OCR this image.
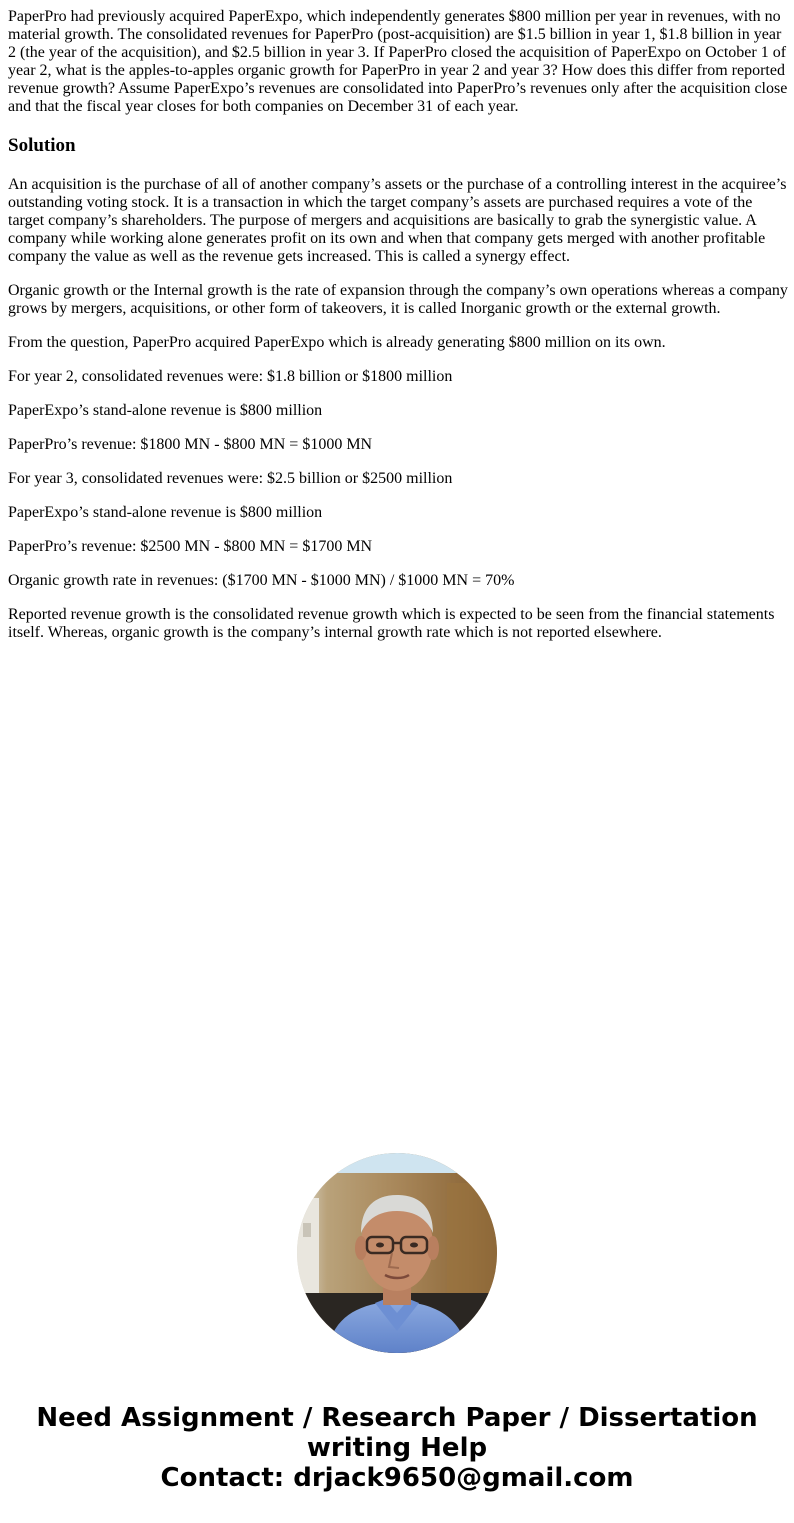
PaperPro had previously acquired PaperExpo, which independently generates $800 million per year in revenues, with no material growth. The consolidated revenues for PaperPro (post-acquisition) are $1.5 billion in year 1, $1.8 billion in year 2 (the year of the acquisition), and $2.5 billion in year 3. If PaperPro closed the acquisition of PaperExpo on October 1 of year 2, what is the apples-to-apples organic growth for PaperPro in year 2 and year 3? How does this differ from reported revenue growth? Assume PaperExpo’s revenues are consolidated into PaperPro’s revenues only after the acquisition close and that the fiscal year closes for both companies on December 31 of each year.

Solution

An acquisition is the purchase of all of another company’s assets or the purchase of a controlling interest in the acquiree’s outstanding voting stock. It is a transaction in which the target company’s assets are purchased requires a vote of the target company’s shareholders. The purpose of mergers and acquisitions are basically to grab the synergistic value. A company while working alone generates profit on its own and when that company gets merged with another profitable company the value as well as the revenue gets increased. This is called a synergy effect.

Organic growth or the Internal growth is the rate of expansion through the company’s own operations whereas a company grows by mergers, acquisitions, or other form of takeovers, it is called Inorganic growth or the external growth.

From the question, PaperPro acquired PaperExpo which is already generating $800 million on its own.

For year 2, consolidated revenues were: $1.8 billion or $1800 million

PaperExpo’s stand-alone revenue is $800 million

PaperPro’s revenue: $1800 MN - $800 MN = $1000 MN

For year 3, consolidated revenues were: $2.5 billion or $2500 million

PaperExpo’s stand-alone revenue is $800 million

PaperPro’s revenue: $2500 MN - $800 MN = $1700 MN

Organic growth rate in revenues: ($1700 MN - $1000 MN) / $1000 MN = 70%

Reported revenue growth is the consolidated revenue growth which is expected to be seen from the financial statements itself. Whereas, organic growth is the company’s internal growth rate which is not reported elsewhere.

Need Assignment / Research Paper / Dissertation writing Help
Contact: drjack9650@gmail.com
